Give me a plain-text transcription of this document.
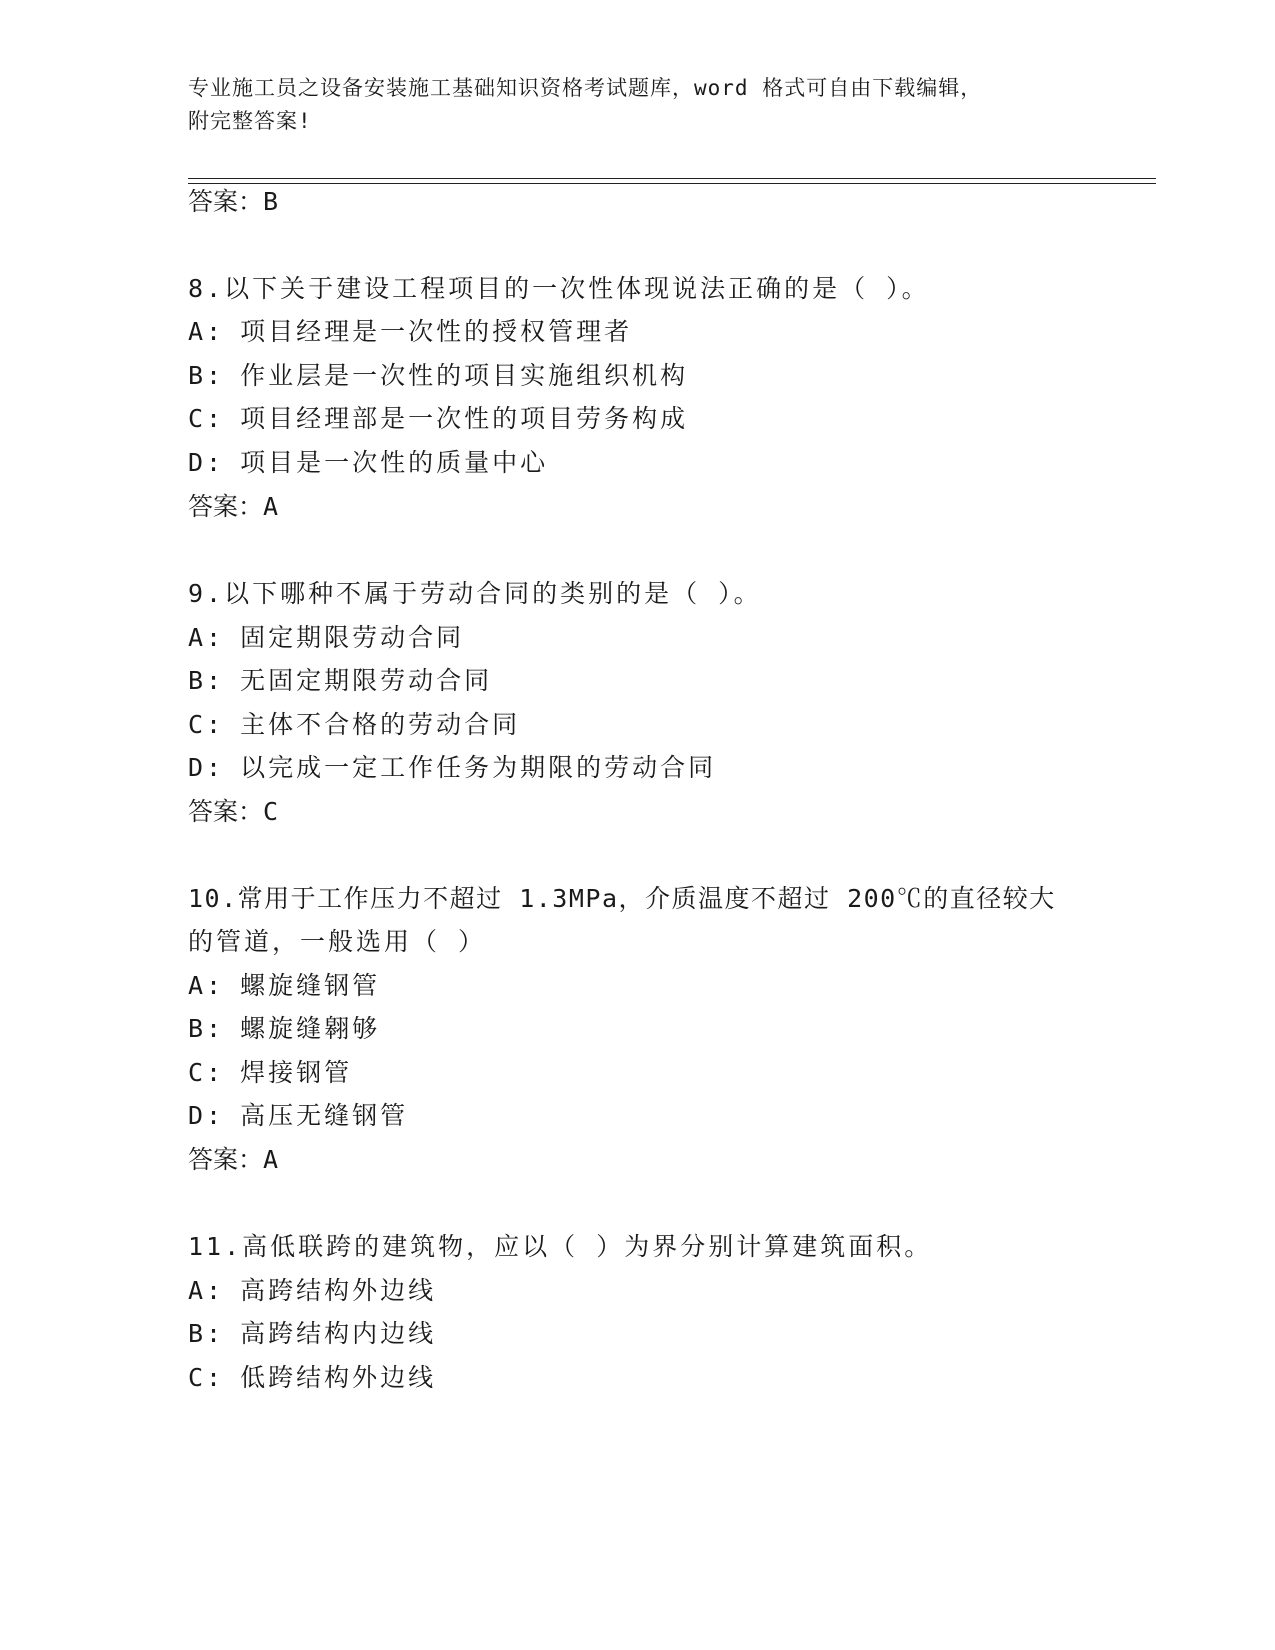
专业施工员之设备安装施工基础知识资格考试题库，word 格式可自由下载编辑，
附完整答案!
答案：B
8.以下关于建设工程项目的一次性体现说法正确的是（ ）。
A: 项目经理是一次性的授权管理者
B: 作业层是一次性的项目实施组织机构
C: 项目经理部是一次性的项目劳务构成
D: 项目是一次性的质量中心
答案：A
9.以下哪种不属于劳动合同的类别的是（ ）。
A: 固定期限劳动合同
B: 无固定期限劳动合同
C: 主体不合格的劳动合同
D: 以完成一定工作任务为期限的劳动合同
答案：C
10.常用于工作压力不超过 1.3MPa，介质温度不超过 200℃的直径较大
的管道，一般选用（ ）
A: 螺旋缝钢管
B: 螺旋缝翱够
C: 焊接钢管
D: 高压无缝钢管
答案：A
11.高低联跨的建筑物，应以（ ）为界分别计算建筑面积。
A: 高跨结构外边线
B: 高跨结构内边线
C: 低跨结构外边线
